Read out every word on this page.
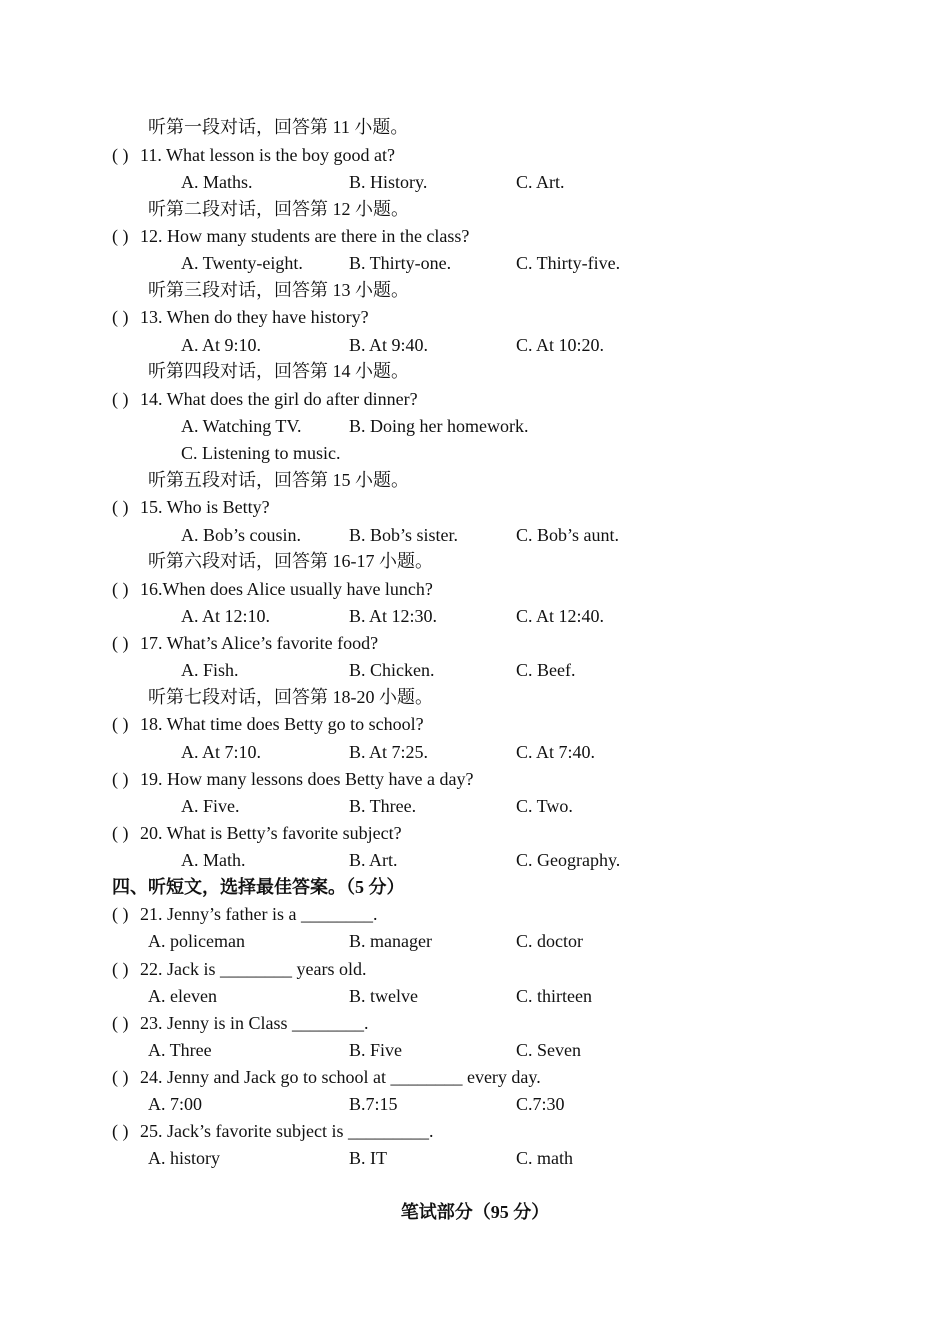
听第一段对话，回答第 11 小题。
( ) 11. What lesson is the boy good at?
A. Maths.	B. History.	C. Art.
听第二段对话，回答第 12 小题。
( ) 12. How many students are there in the class?
A. Twenty-eight.	B. Thirty-one.	C. Thirty-five.
听第三段对话，回答第 13 小题。
( ) 13. When do they have history?
A. At 9:10.	B. At 9:40.	C. At 10:20.
听第四段对话，回答第 14 小题。
( ) 14. What does the girl do after dinner?
A. Watching TV.	B. Doing her homework.
C. Listening to music.
听第五段对话，回答第 15 小题。
( ) 15. Who is Betty?
A. Bob’s cousin.	B. Bob’s sister.	C. Bob’s aunt.
听第六段对话，回答第 16-17 小题。
( ) 16.When does Alice usually have lunch?
A. At 12:10.	B. At 12:30.	C. At 12:40.
( ) 17. What’s Alice’s favorite food?
A. Fish.	B. Chicken.	C. Beef.
听第七段对话，回答第 18-20 小题。
( ) 18. What time does Betty go to school?
A. At 7:10.	B. At 7:25.	C. At 7:40.
( ) 19. How many lessons does Betty have a day?
A. Five.	B. Three.	C. Two.
( ) 20. What is Betty’s favorite subject?
A. Math.	B. Art.	C. Geography.
四、听短文，选择最佳答案。（5 分）
( ) 21. Jenny’s father is a ________.
A. policeman	B. manager	C. doctor
( ) 22. Jack is ________ years old.
A. eleven	B. twelve	C. thirteen
( ) 23. Jenny is in Class ________.
A. Three	B. Five	C. Seven
( ) 24. Jenny and Jack go to school at ________ every day.
A. 7:00	B.7:15	C.7:30
( ) 25. Jack’s favorite subject is _________.
A. history	B. IT	C. math
笔试部分（95 分）
